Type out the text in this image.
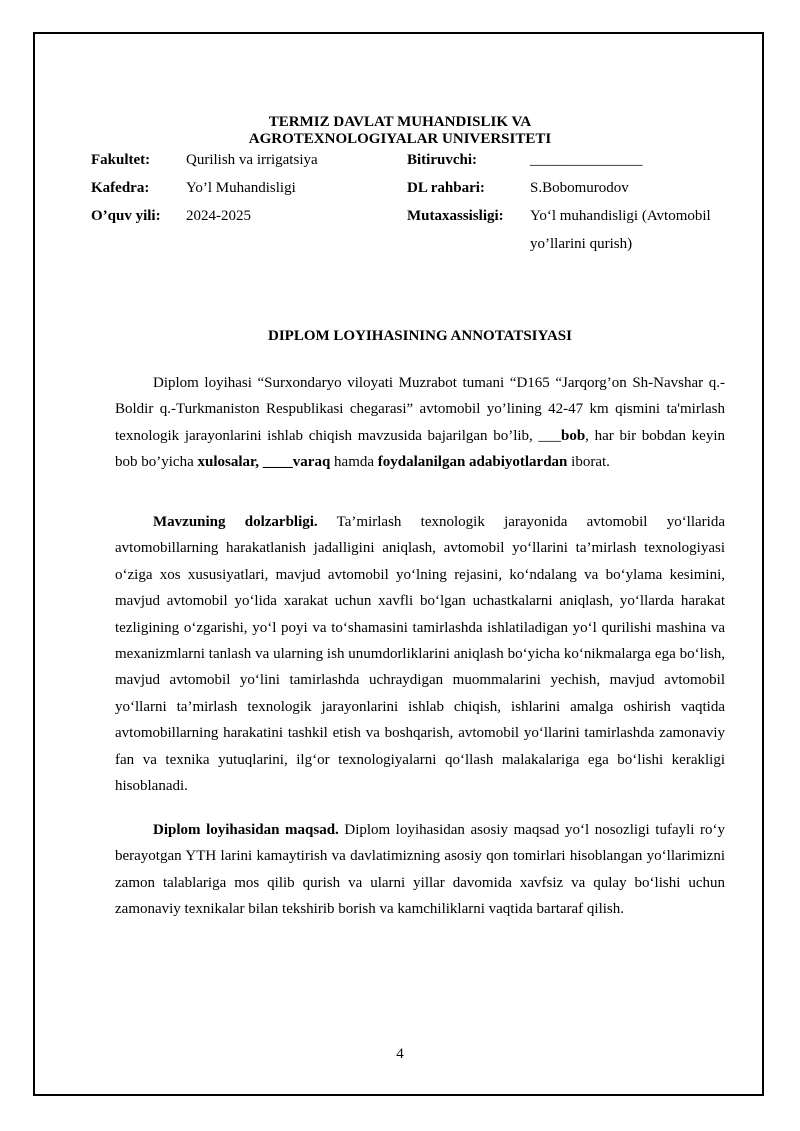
TERMIZ DAVLAT MUHANDISLIK VA
AGROTEXNOLOGIYALAR UNIVERSITETI
Fakultet: Qurilish va irrigatsiya	Bitiruvchi:	_______________
Kafedra: Yo’l Muhandisligi	DL rahbari:	S.Bobomurodov
O’quv yili: 2024-2025	Mutaxassisligi: Yo‘l muhandisligi (Avtomobil
yo’llarini qurish)
DIPLOM LOYIHASINING ANNOTATSIYASI

Diplom loyihasi “Surxondaryo viloyati Muzrabot tumani “D165 “Jarqorg’on Sh-Navshar q.-Boldir q.-Turkmaniston Respublikasi chegarasi” avtomobil yo’lining 42-47 km qismini ta'mirlash texnologik jarayonlarini ishlab chiqish mavzusida bajarilgan bo’lib, ___bob, har bir bobdan keyin bob bo’yicha xulosalar, ____varaq hamda foydalanilgan adabiyotlardan iborat.

Mavzuning dolzarbligi. Ta’mirlash texnologik jarayonida avtomobil yo‘llarida avtomobillarning harakatlanish jadalligini aniqlash, avtomobil yo‘llarini ta’mirlash texnologiyasi o‘ziga xos xususiyatlari, mavjud avtomobil yo‘lning rejasini, ko‘ndalang va bo‘ylama kesimini, mavjud avtomobil yo‘lida xarakat uchun xavfli bo‘lgan uchastkalarni aniqlash, yo‘llarda harakat tezligining o‘zgarishi, yo‘l poyi va to‘shamasini tamirlashda ishlatiladigan yo‘l qurilishi mashina va mexanizmlarni tanlash va ularning ish unumdorliklarini aniqlash bo‘yicha ko‘nikmalarga ega bo‘lish, mavjud avtomobil yo‘lini tamirlashda uchraydigan muommalarini yechish, mavjud avtomobil yo‘llarni ta’mirlash texnologik jarayonlarini ishlab chiqish, ishlarini amalga oshirish vaqtida avtomobillarning harakatini tashkil etish va boshqarish, avtomobil yo‘llarini tamirlashda zamonaviy fan va texnika yutuqlarini, ilg‘or texnologiyalarni qo‘llash malakalariga ega bo‘lishi kerakligi hisoblanadi.

Diplom loyihasidan maqsad. Diplom loyihasidan asosiy maqsad yo‘l nosozligi tufayli ro‘y berayotgan YTH larini kamaytirish va davlatimizning asosiy qon tomirlari hisoblangan yo‘llarimizni zamon talablariga mos qilib qurish va ularni yillar davomida xavfsiz va qulay bo‘lishi uchun zamonaviy texnikalar bilan tekshirib borish va kamchiliklarni vaqtida bartaraf qilish.

4
